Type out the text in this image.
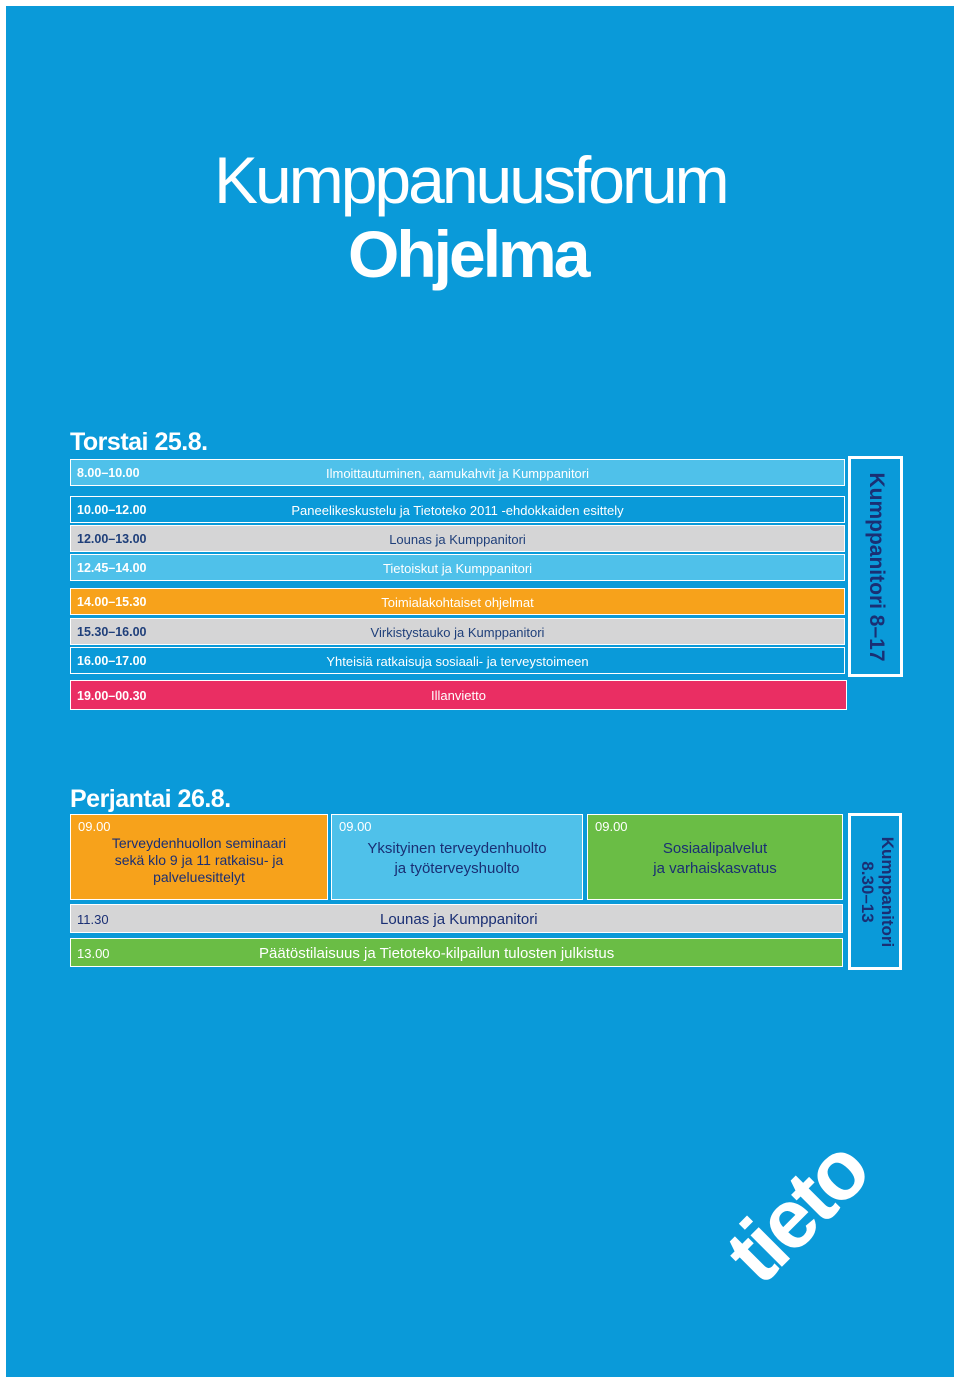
Kumppanuusforum
Ohjelma
Torstai 25.8.
8.00–10.00	Ilmoittautuminen, aamukahvit ja Kumppanitori
10.00–12.00	Paneelikeskustelu ja Tietoteko 2011 -ehdokkaiden esittely
12.00–13.00	Lounas ja Kumppanitori
12.45–14.00	Tietoiskut ja Kumppanitori
14.00–15.30	Toimialakohtaiset ohjelmat
15.30–16.00	Virkistystauko ja Kumppanitori
16.00–17.00	Yhteisiä ratkaisuja sosiaali- ja terveystoimeen
19.00–00.30	Illanvietto
Kumppanitori 8–17
Perjantai 26.8.
09.00
Terveydenhuollon seminaari
sekä klo 9 ja 11 ratkaisu- ja
palveluesittelyt
09.00
Yksityinen terveydenhuolto
ja työterveyshuolto
09.00
Sosiaalipalvelut
ja varhaiskasvatus
11.30	Lounas ja Kumppanitori
13.00	Päätöstilaisuus ja Tietoteko-kilpailun tulosten julkistus
Kumppanitori
8.30–13
tieto
